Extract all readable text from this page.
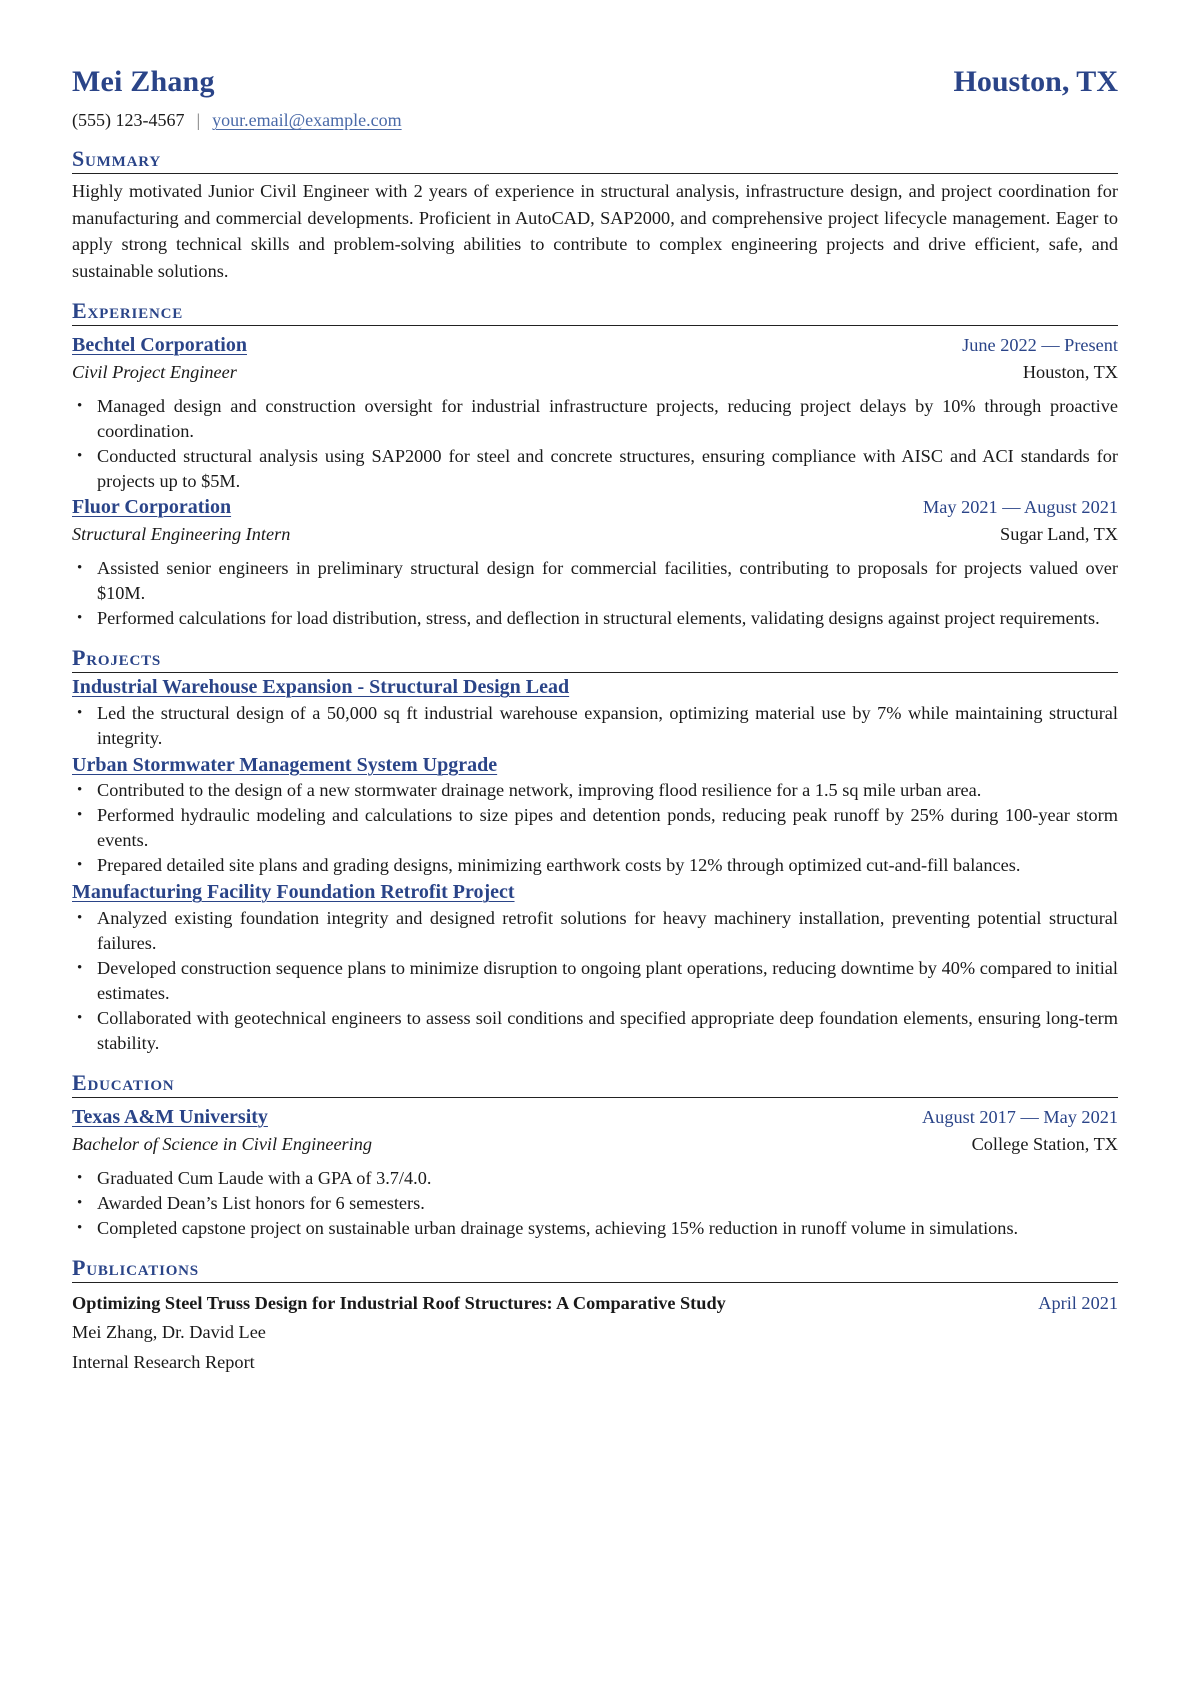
Mei Zhang	Houston, TX
(555) 123-4567 | your.email@example.com
Summary

Highly motivated Junior Civil Engineer with 2 years of experience in structural analysis, infrastructure design, and project coordination for manufacturing and commercial developments. Proficient in AutoCAD, SAP2000, and comprehensive project lifecycle management. Eager to apply strong technical skills and problem-solving abilities to contribute to complex engineering projects and drive efficient, safe, and sustainable solutions.

Experience
Bechtel Corporation	June 2022 — Present
Civil Project Engineer	Houston, TX
• Managed design and construction oversight for industrial infrastructure projects, reducing project delays by 10% through proactive coordination.
• Conducted structural analysis using SAP2000 for steel and concrete structures, ensuring compliance with AISC and ACI standards for projects up to $5M.
Fluor Corporation	May 2021 — August 2021
Structural Engineering Intern	Sugar Land, TX
• Assisted senior engineers in preliminary structural design for commercial facilities, contributing to proposals for projects valued over $10M.
• Performed calculations for load distribution, stress, and deflection in structural elements, validating designs against project requirements.
Projects
Industrial Warehouse Expansion - Structural Design Lead
• Led the structural design of a 50,000 sq ft industrial warehouse expansion, optimizing material use by 7% while maintaining structural integrity.
Urban Stormwater Management System Upgrade
• Contributed to the design of a new stormwater drainage network, improving flood resilience for a 1.5 sq mile urban area.
• Performed hydraulic modeling and calculations to size pipes and detention ponds, reducing peak runoff by 25% during 100-year storm events.
• Prepared detailed site plans and grading designs, minimizing earthwork costs by 12% through optimized cut-and-fill balances.
Manufacturing Facility Foundation Retrofit Project
• Analyzed existing foundation integrity and designed retrofit solutions for heavy machinery installation, preventing potential structural failures.
• Developed construction sequence plans to minimize disruption to ongoing plant operations, reducing downtime by 40% compared to initial estimates.
• Collaborated with geotechnical engineers to assess soil conditions and specified appropriate deep foundation elements, ensuring long-term stability.
Education
Texas A&M University	August 2017 — May 2021
Bachelor of Science in Civil Engineering	College Station, TX
• Graduated Cum Laude with a GPA of 3.7/4.0.
• Awarded Dean’s List honors for 6 semesters.
• Completed capstone project on sustainable urban drainage systems, achieving 15% reduction in runoff volume in simulations.
Publications
Optimizing Steel Truss Design for Industrial Roof Structures: A Comparative Study	April 2021
Mei Zhang, Dr. David Lee
Internal Research Report
